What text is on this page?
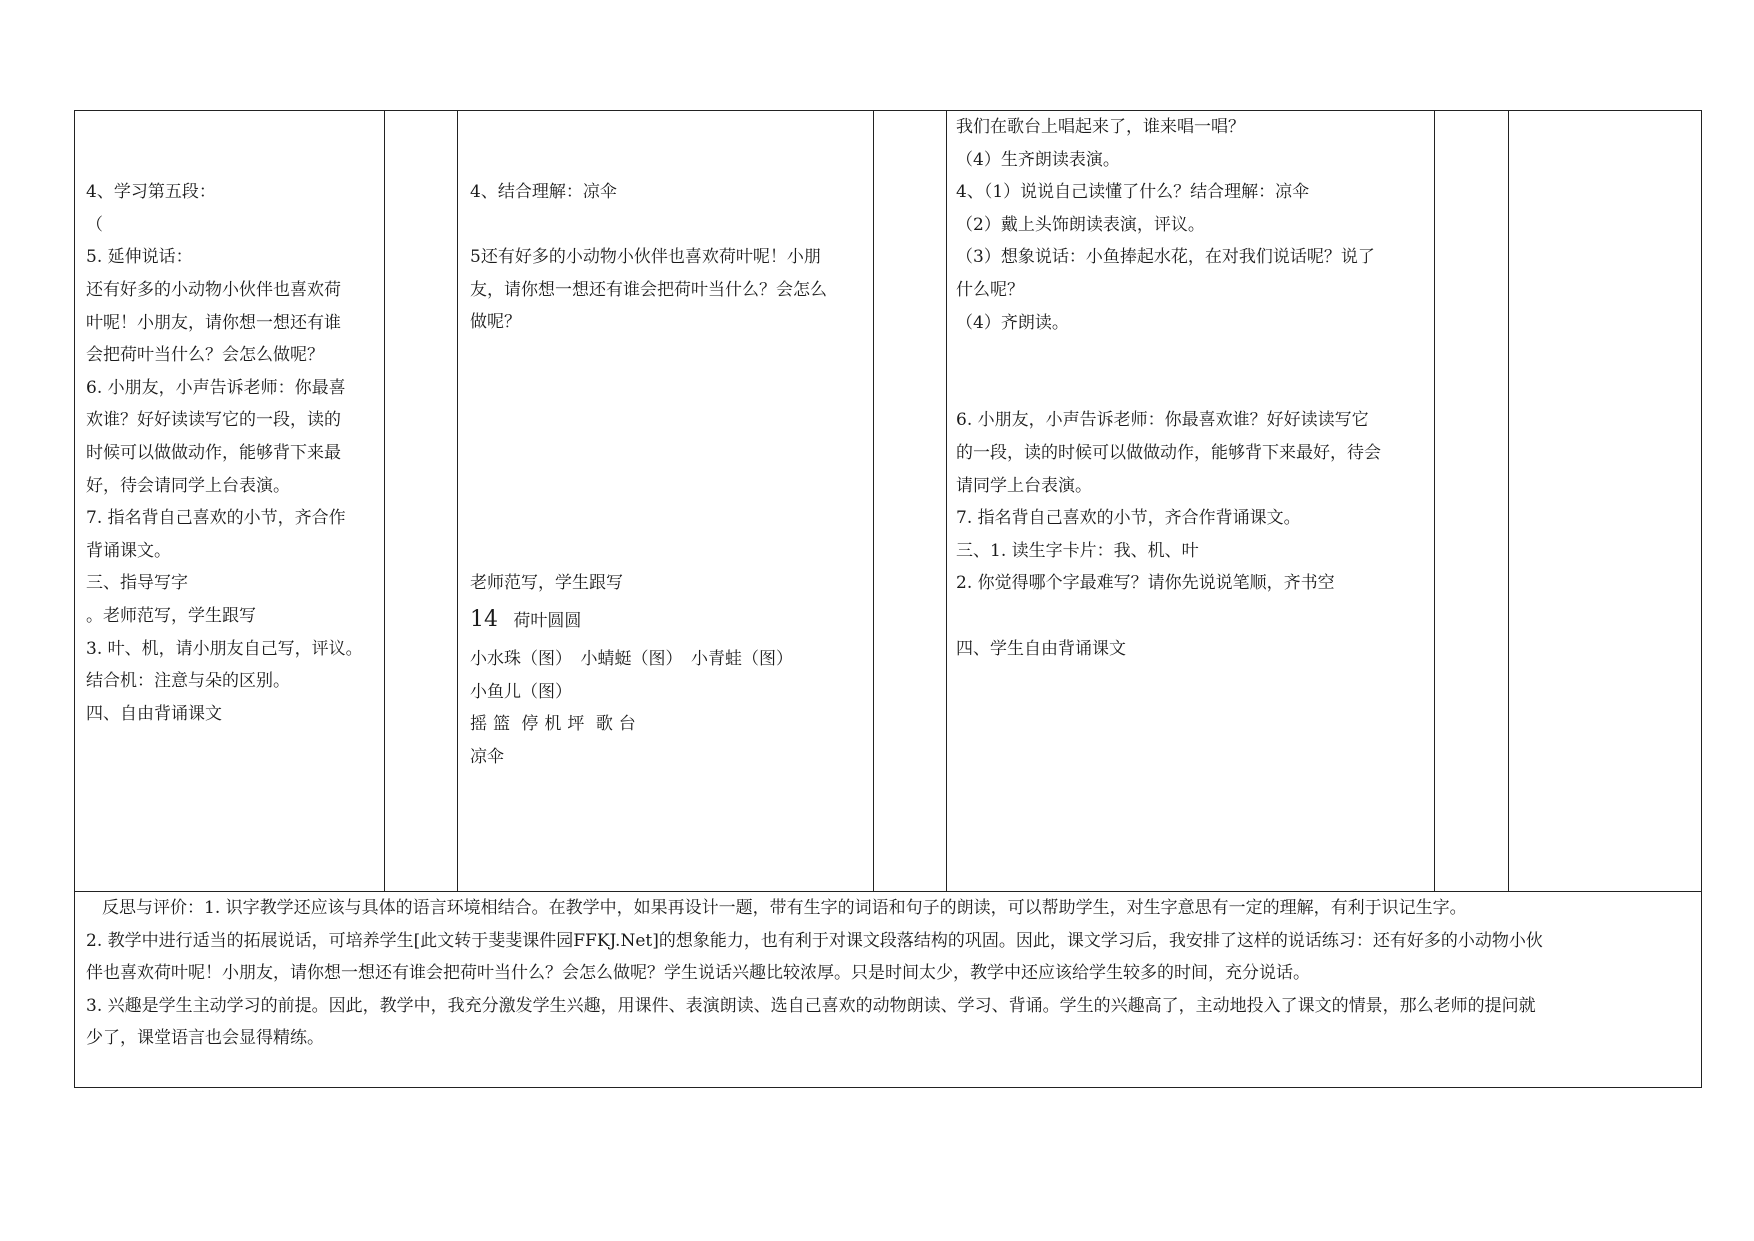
4、学习第五段：
（
5. 延伸说话：
还有好多的小动物小伙伴也喜欢荷
叶呢！小朋友，请你想一想还有谁
会把荷叶当什么？会怎么做呢？
6. 小朋友，小声告诉老师：你最喜
欢谁？好好读读写它的一段，读的
时候可以做做动作，能够背下来最
好，待会请同学上台表演。
7. 指名背自己喜欢的小节，齐合作
背诵课文。
三、指导写字
。老师范写，学生跟写
3. 叶、机，请小朋友自己写，评议。
结合机：注意与朵的区别。
四、自由背诵课文
4、结合理解：凉伞
5还有好多的小动物小伙伴也喜欢荷叶呢！小朋
友，请你想一想还有谁会把荷叶当什么？会怎么
做呢？
老师范写，学生跟写
14 荷叶圆圆
小水珠（图）　小蜻蜓（图）　小青蛙（图）
小鱼儿（图）
摇篮 停机坪 歌台
凉伞
我们在歌台上唱起来了，谁来唱一唱？
（4）生齐朗读表演。
4、（1）说说自己读懂了什么？结合理解：凉伞
（2）戴上头饰朗读表演，评议。
（3）想象说话：小鱼捧起水花，在对我们说话呢？说了
什么呢？
（4）齐朗读。
6. 小朋友，小声告诉老师：你最喜欢谁？好好读读写它
的一段，读的时候可以做做动作，能够背下来最好，待会
请同学上台表演。
7. 指名背自己喜欢的小节，齐合作背诵课文。
三、1. 读生字卡片：我、机、叶
2. 你觉得哪个字最难写？请你先说说笔顺，齐书空
四、学生自由背诵课文
反思与评价：1. 识字教学还应该与具体的语言环境相结合。在教学中，如果再设计一题，带有生字的词语和句子的朗读，可以帮助学生，对生字意思有一定的理解，有利于识记生字。
2. 教学中进行适当的拓展说话，可培养学生[此文转于斐斐课件园FFKJ.Net]的想象能力，也有利于对课文段落结构的巩固。因此，课文学习后，我安排了这样的说话练习：还有好多的小动物小伙
伴也喜欢荷叶呢！小朋友，请你想一想还有谁会把荷叶当什么？会怎么做呢？学生说话兴趣比较浓厚。只是时间太少，教学中还应该给学生较多的时间，充分说话。
3. 兴趣是学生主动学习的前提。因此，教学中，我充分激发学生兴趣，用课件、表演朗读、选自己喜欢的动物朗读、学习、背诵。学生的兴趣高了，主动地投入了课文的情景，那么老师的提问就
少了，课堂语言也会显得精练。
